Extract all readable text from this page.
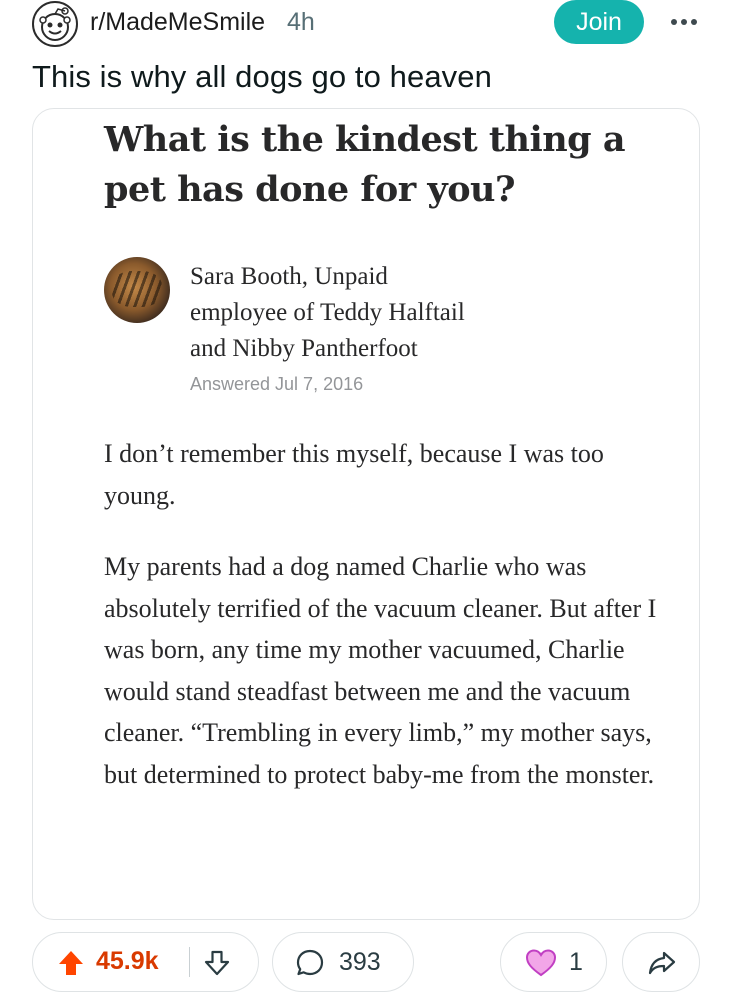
r/MadeMeSmile 4h	Join
This is why all dogs go to heaven
What is the kindest thing a pet has done for you?
Sara Booth, Unpaid
employee of Teddy Halftail
and Nibby Pantherfoot
Answered Jul 7, 2016
I don’t remember this myself, because I was too young.
My parents had a dog named Charlie who was absolutely terrified of the vacuum cleaner. But after I was born, any time my mother vacuumed, Charlie would stand steadfast between me and the vacuum cleaner. “Trembling in every limb,” my mother says, but determined to protect baby-me from the monster.
45.9k	393	1
